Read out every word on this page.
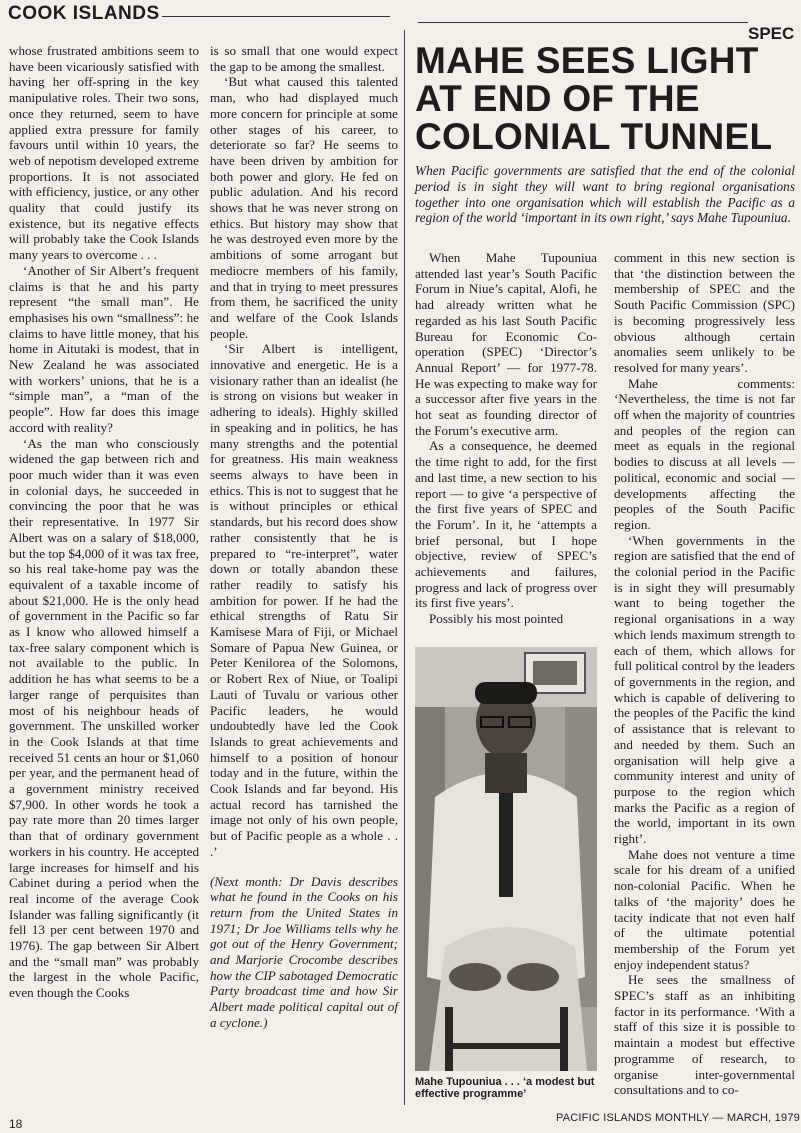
COOK ISLANDS
SPEC

whose frustrated ambitions seem to have been vicariously satisfied with having her off-spring in the key manipulative roles. Their two sons, once they returned, seem to have applied extra pressure for family favours until within 10 years, the web of nepotism developed extreme proportions. It is not associated with efficiency, justice, or any other quality that could justify its existence, but its negative effects will probably take the Cook Islands many years to overcome . . .

‘Another of Sir Albert’s frequent claims is that he and his party represent “the small man”. He emphasises his own “smallness”: he claims to have little money, that his home in Aitutaki is modest, that in New Zealand he was associated with workers’ unions, that he is a “simple man”, a “man of the people”. How far does this image accord with reality?

‘As the man who consciously widened the gap between rich and poor much wider than it was even in colonial days, he succeeded in convincing the poor that he was their representative. In 1977 Sir Albert was on a salary of $18,000, but the top $4,000 of it was tax free, so his real take-home pay was the equivalent of a taxable income of about $21,000. He is the only head of government in the Pacific so far as I know who allowed himself a tax-free salary component which is not available to the public. In addition he has what seems to be a larger range of perquisites than most of his neighbour heads of government. The unskilled worker in the Cook Islands at that time received 51 cents an hour or $1,060 per year, and the permanent head of a government ministry received $7,900. In other words he took a pay rate more than 20 times larger than that of ordinary government workers in his country. He accepted large increases for himself and his Cabinet during a period when the real income of the average Cook Islander was falling significantly (it fell 13 per cent between 1970 and 1976). The gap between Sir Albert and the “small man” was probably the largest in the whole Pacific, even though the Cooks

is so small that one would expect the gap to be among the smallest.

‘But what caused this talented man, who had displayed much more concern for principle at some other stages of his career, to deteriorate so far? He seems to have been driven by ambition for both power and glory. He fed on public adulation. And his record shows that he was never strong on ethics. But history may show that he was destroyed even more by the ambitions of some arrogant but mediocre members of his family, and that in trying to meet pressures from them, he sacrificed the unity and welfare of the Cook Islands people.

‘Sir Albert is intelligent, innovative and energetic. He is a visionary rather than an idealist (he is strong on visions but weaker in adhering to ideals). Highly skilled in speaking and in politics, he has many strengths and the potential for greatness. His main weakness seems always to have been in ethics. This is not to suggest that he is without principles or ethical standards, but his record does show rather consistently that he is prepared to “re-interpret”, water down or totally abandon these rather readily to satisfy his ambition for power. If he had the ethical strengths of Ratu Sir Kamisese Mara of Fiji, or Michael Somare of Papua New Guinea, or Peter Kenilorea of the Solomons, or Robert Rex of Niue, or Toalipi Lauti of Tuvalu or various other Pacific leaders, he would undoubtedly have led the Cook Islands to great achievements and himself to a position of honour today and in the future, within the Cook Islands and far beyond. His actual record has tarnished the image not only of his own people, but of Pacific people as a whole . . .’

(Next month: Dr Davis describes what he found in the Cooks on his return from the United States in 1971; Dr Joe Williams tells why he got out of the Henry Government; and Marjorie Crocombe describes how the CIP sabotaged Democratic Party broadcast time and how Sir Albert made political capital out of a cyclone.)

MAHE SEES LIGHT AT END OF THE COLONIAL TUNNEL
When Pacific governments are satisfied that the end of the colonial period is in sight they will want to bring regional organisations together into one organisation which will establish the Pacific as a region of the world ‘important in its own right,’ says Mahe Tupouniua.

When Mahe Tupouniua attended last year’s South Pacific Forum in Niue’s capital, Alofi, he had already written what he regarded as his last South Pacific Bureau for Economic Co-operation (SPEC) ‘Director’s Annual Report’ — for 1977-78. He was expecting to make way for a successor after five years in the hot seat as founding director of the Forum’s executive arm.

As a consequence, he deemed the time right to add, for the first and last time, a new section to his report — to give ‘a perspective of the first five years of SPEC and the Forum’. In it, he ‘attempts a brief personal, but I hope objective, review of SPEC’s achievements and failures, progress and lack of progress over its first five years’.

Possibly his most pointed

Mahe Tupouniua . . . ‘a modest but effective programme’

comment in this new section is that ‘the distinction between the membership of SPEC and the South Pacific Commission (SPC) is becoming progressively less obvious although certain anomalies seem unlikely to be resolved for many years’.

Mahe comments: ‘Nevertheless, the time is not far off when the majority of countries and peoples of the region can meet as equals in the regional bodies to discuss at all levels — political, economic and social — developments affecting the peoples of the South Pacific region.

‘When governments in the region are satisfied that the end of the colonial period in the Pacific is in sight they will presumably want to being together the regional organisations in a way which lends maximum strength to each of them, which allows for full political control by the leaders of governments in the region, and which is capable of delivering to the peoples of the Pacific the kind of assistance that is relevant to and needed by them. Such an organisation will help give a community interest and unity of purpose to the region which marks the Pacific as a region of the world, important in its own right’.

Mahe does not venture a time scale for his dream of a unified non-colonial Pacific. When he talks of ‘the majority’ does he tacity indicate that not even half of the ultimate potential membership of the Forum yet enjoy independent status?

He sees the smallness of SPEC’s staff as an inhibiting factor in its performance. ‘With a staff of this size it is possible to maintain a modest but effective programme of research, to organise inter-governmental consultations and to co-

18	PACIFIC ISLANDS MONTHLY — MARCH, 1979
